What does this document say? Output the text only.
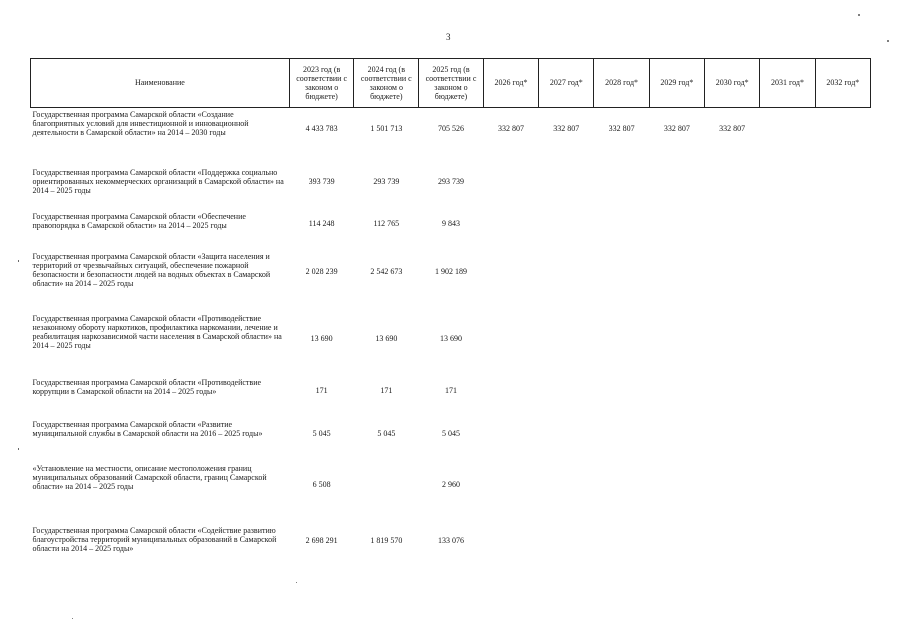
3
Наименование	2023 год (в соответствии с законом о бюджете)	2024 год (в соответствии с законом о бюджете)	2025 год (в соответствии с законом о бюджете)	2026 год*	2027 год*	2028 год*	2029 год*	2030 год*	2031 год*	2032 год*
Государственная программа Самарской области «Создание благоприятных условий для инвестиционной и инновационной деятельности в Самарской области» на 2014 – 2030 годы	4 433 783	1 501 713	705 526	332 807	332 807	332 807	332 807	332 807		
Государственная программа Самарской области «Поддержка социально ориентированных некоммерческих организаций в Самарской области» на 2014 – 2025 годы	393 739	293 739	293 739							
Государственная программа Самарской области «Обеспечение правопорядка в Самарской области» на 2014 – 2025 годы	114 248	112 765	9 843							
Государственная программа Самарской области «Защита населения и территорий от чрезвычайных ситуаций, обеспечение пожарной безопасности и безопасности людей на водных объектах в Самарской области» на 2014 – 2025 годы	2 028 239	2 542 673	1 902 189							
Государственная программа Самарской области «Противодействие незаконному обороту наркотиков, профилактика наркомании, лечение и реабилитация наркозависимой части населения в Самарской области» на 2014 – 2025 годы	13 690	13 690	13 690							
Государственная программа Самарской области «Противодействие коррупции в Самарской области на 2014 – 2025 годы»	171	171	171							
Государственная программа Самарской области «Развитие муниципальной службы в Самарской области на 2016 – 2025 годы»	5 045	5 045	5 045							
«Установление на местности, описание местоположения границ муниципальных образований Самарской области, границ Самарской области» на 2014 – 2025 годы	6 508		2 960							
Государственная программа Самарской области «Содействие развитию благоустройства территорий муниципальных образований в Самарской области на 2014 – 2025 годы»	2 698 291	1 819 570	133 076							
